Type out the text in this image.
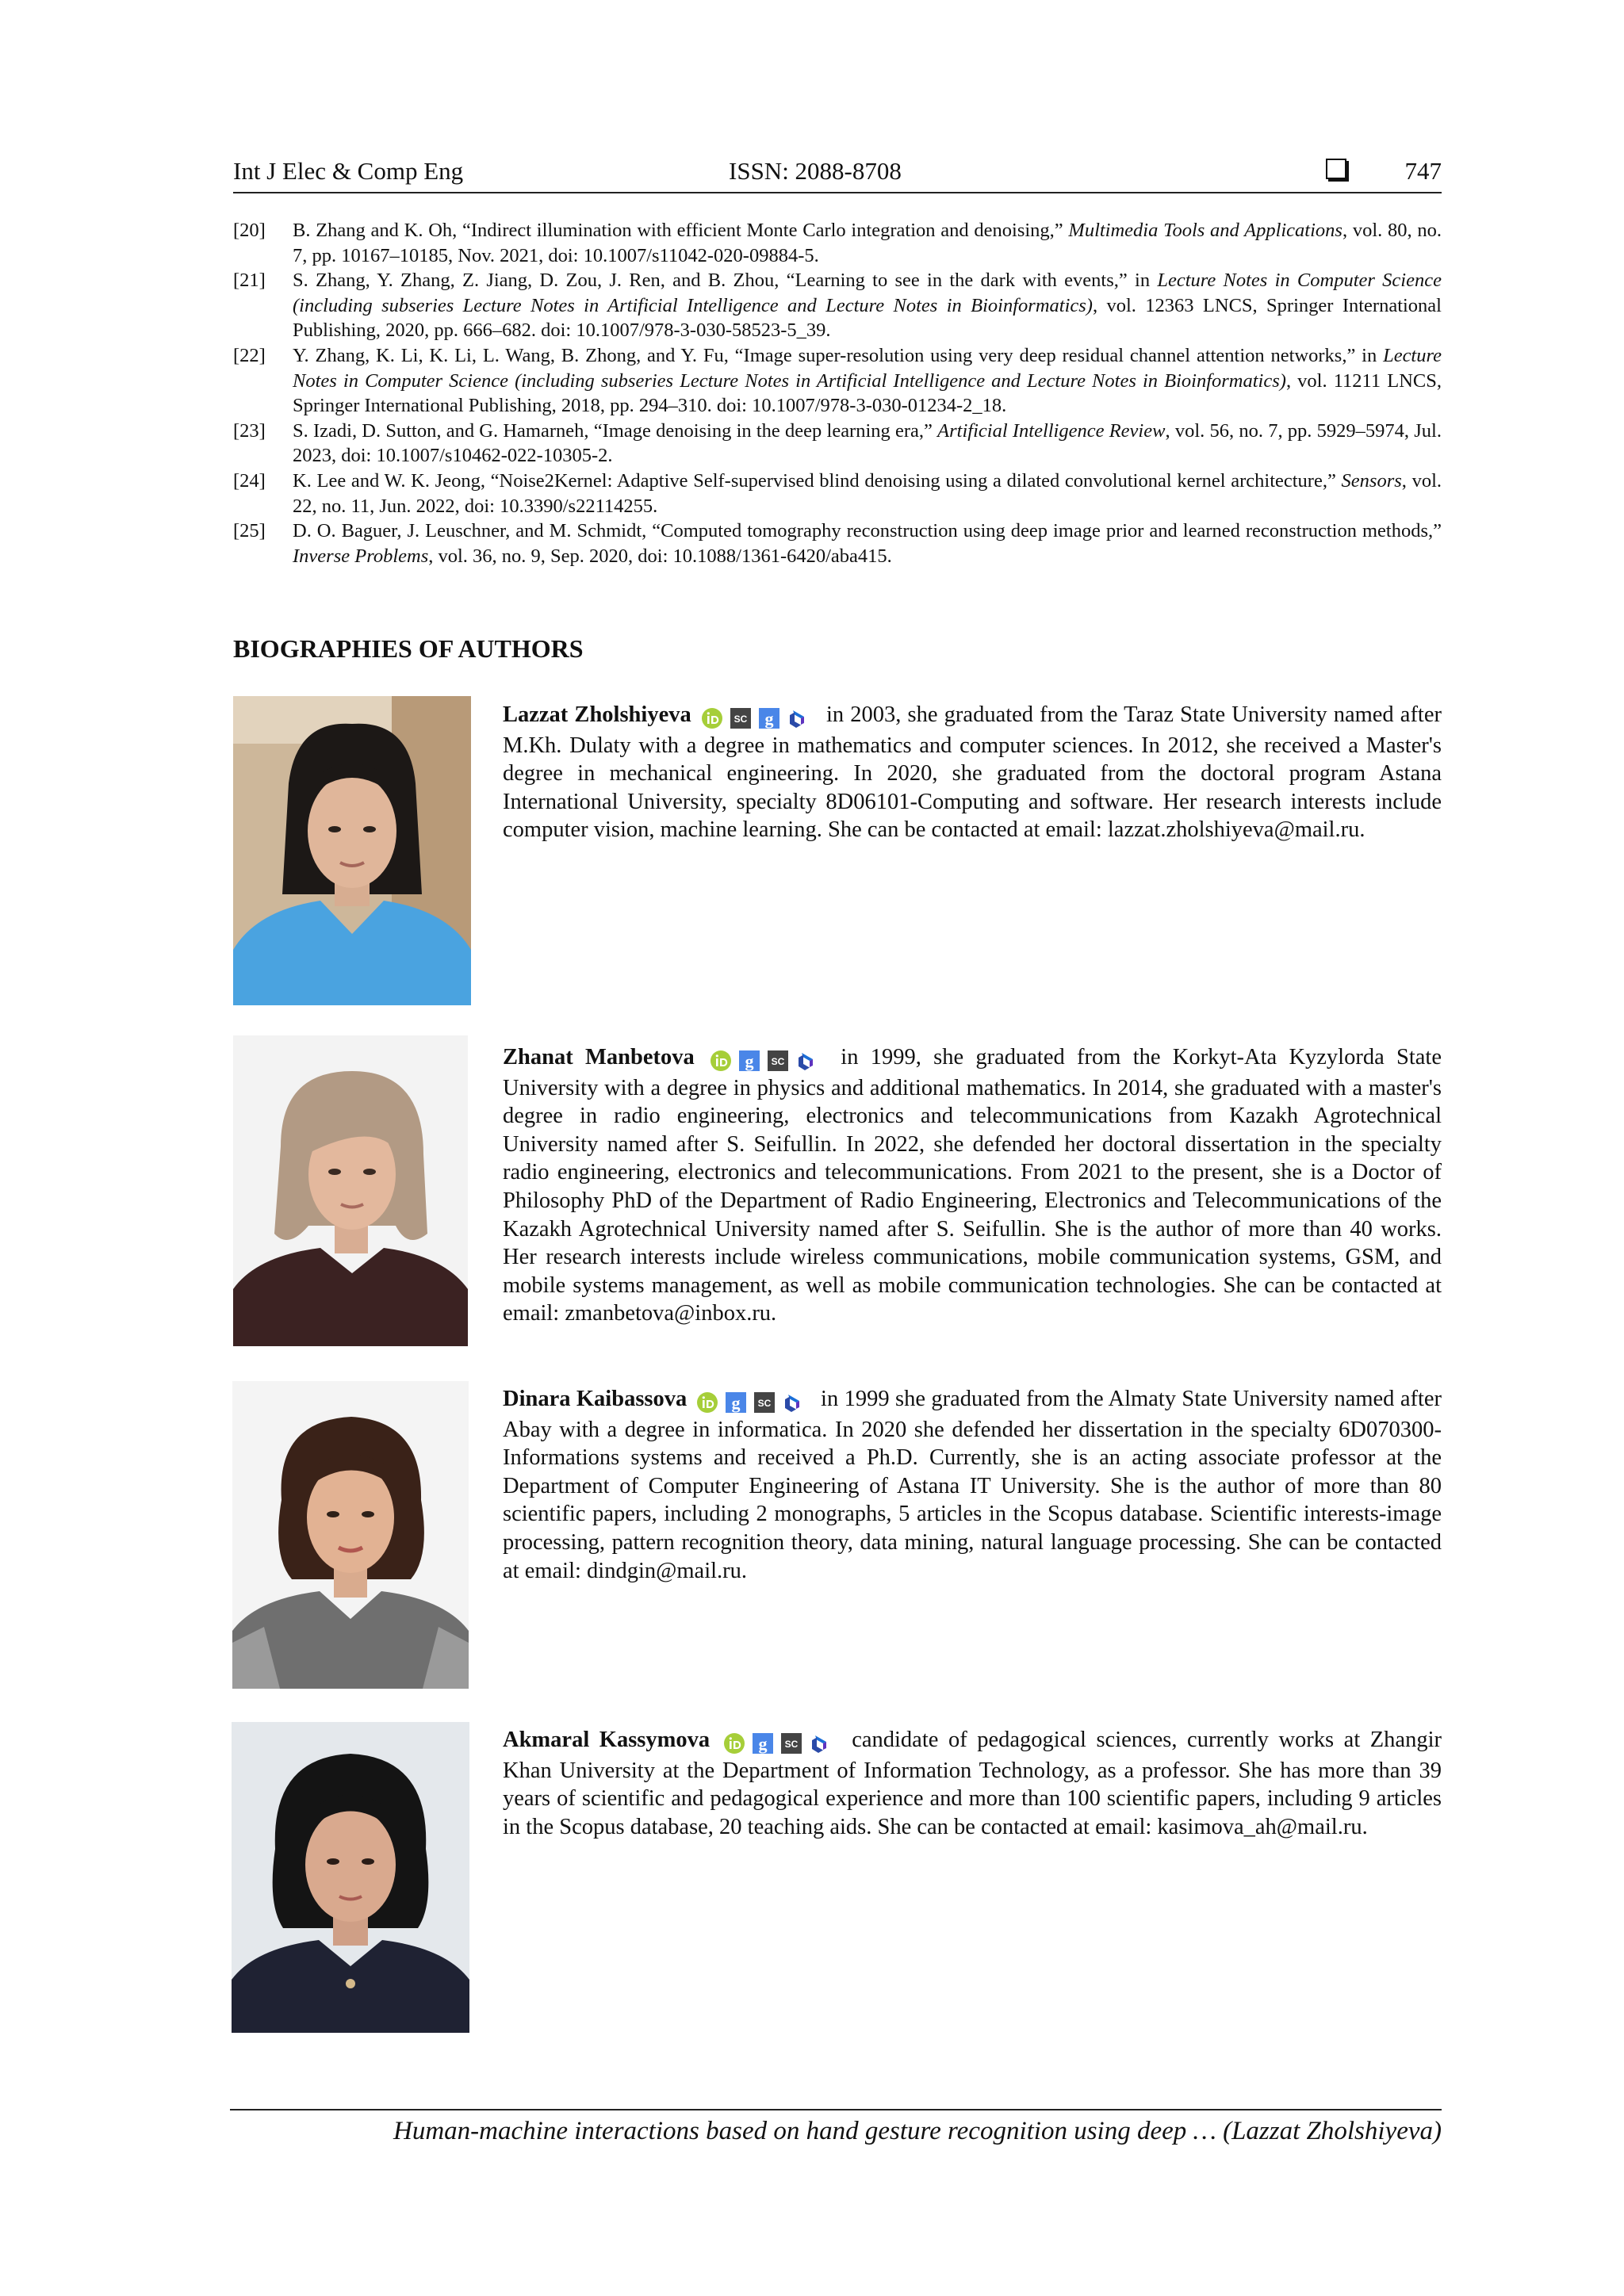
Int J Elec & Comp Eng	ISSN: 2088-8708	747
[20] B. Zhang and K. Oh, “Indirect illumination with efficient Monte Carlo integration and denoising,” Multimedia Tools and Applications, vol. 80, no. 7, pp. 10167–10185, Nov. 2021, doi: 10.1007/s11042-020-09884-5.
[21] S. Zhang, Y. Zhang, Z. Jiang, D. Zou, J. Ren, and B. Zhou, “Learning to see in the dark with events,” in Lecture Notes in Computer Science (including subseries Lecture Notes in Artificial Intelligence and Lecture Notes in Bioinformatics), vol. 12363 LNCS, Springer International Publishing, 2020, pp. 666–682. doi: 10.1007/978-3-030-58523-5_39.
[22] Y. Zhang, K. Li, K. Li, L. Wang, B. Zhong, and Y. Fu, “Image super-resolution using very deep residual channel attention networks,” in Lecture Notes in Computer Science (including subseries Lecture Notes in Artificial Intelligence and Lecture Notes in Bioinformatics), vol. 11211 LNCS, Springer International Publishing, 2018, pp. 294–310. doi: 10.1007/978-3-030-01234-2_18.
[23] S. Izadi, D. Sutton, and G. Hamarneh, “Image denoising in the deep learning era,” Artificial Intelligence Review, vol. 56, no. 7, pp. 5929–5974, Jul. 2023, doi: 10.1007/s10462-022-10305-2.
[24] K. Lee and W. K. Jeong, “Noise2Kernel: Adaptive Self-supervised blind denoising using a dilated convolutional kernel architecture,” Sensors, vol. 22, no. 11, Jun. 2022, doi: 10.3390/s22114255.
[25] D. O. Baguer, J. Leuschner, and M. Schmidt, “Computed tomography reconstruction using deep image prior and learned reconstruction methods,” Inverse Problems, vol. 36, no. 9, Sep. 2020, doi: 10.1088/1361-6420/aba415.
BIOGRAPHIES OF AUTHORS
Lazzat Zholshiyeva	in 2003, she graduated from the Taraz State University named after M.Kh. Dulaty with a degree in mathematics and computer sciences. In 2012, she received a Master's degree in mechanical engineering. In 2020, she graduated from the doctoral program Astana International University, specialty 8D06101-Computing and software. Her research interests include computer vision, machine learning. She can be contacted at email: lazzat.zholshiyeva@mail.ru.
Zhanat Manbetova	in 1999, she graduated from the Korkyt-Ata Kyzylorda State University with a degree in physics and additional mathematics. In 2014, she graduated with a master's degree in radio engineering, electronics and telecommunications from Kazakh Agrotechnical University named after S. Seifullin. In 2022, she defended her doctoral dissertation in the specialty radio engineering, electronics and telecommunications. From 2021 to the present, she is a Doctor of Philosophy PhD of the Department of Radio Engineering, Electronics and Telecommunications of the Kazakh Agrotechnical University named after S. Seifullin. She is the author of more than 40 works. Her research interests include wireless communications, mobile communication systems, GSM, and mobile systems management, as well as mobile communication technologies. She can be contacted at email: zmanbetova@inbox.ru.
Dinara Kaibassova	in 1999 she graduated from the Almaty State University named after Abay with a degree in informatica. In 2020 she defended her dissertation in the specialty 6D070300-Informations systems and received a Ph.D. Currently, she is an acting associate professor at the Department of Computer Engineering of Astana IT University. She is the author of more than 80 scientific papers, including 2 monographs, 5 articles in the Scopus database. Scientific interests-image processing, pattern recognition theory, data mining, natural language processing. She can be contacted at email: dindgin@mail.ru.
Akmaral Kassymova	candidate of pedagogical sciences, currently works at Zhangir Khan University at the Department of Information Technology, as a professor. She has more than 39 years of scientific and pedagogical experience and more than 100 scientific papers, including 9 articles in the Scopus database, 20 teaching aids. She can be contacted at email: kasimova_ah@mail.ru.
Human-machine interactions based on hand gesture recognition using deep … (Lazzat Zholshiyeva)
